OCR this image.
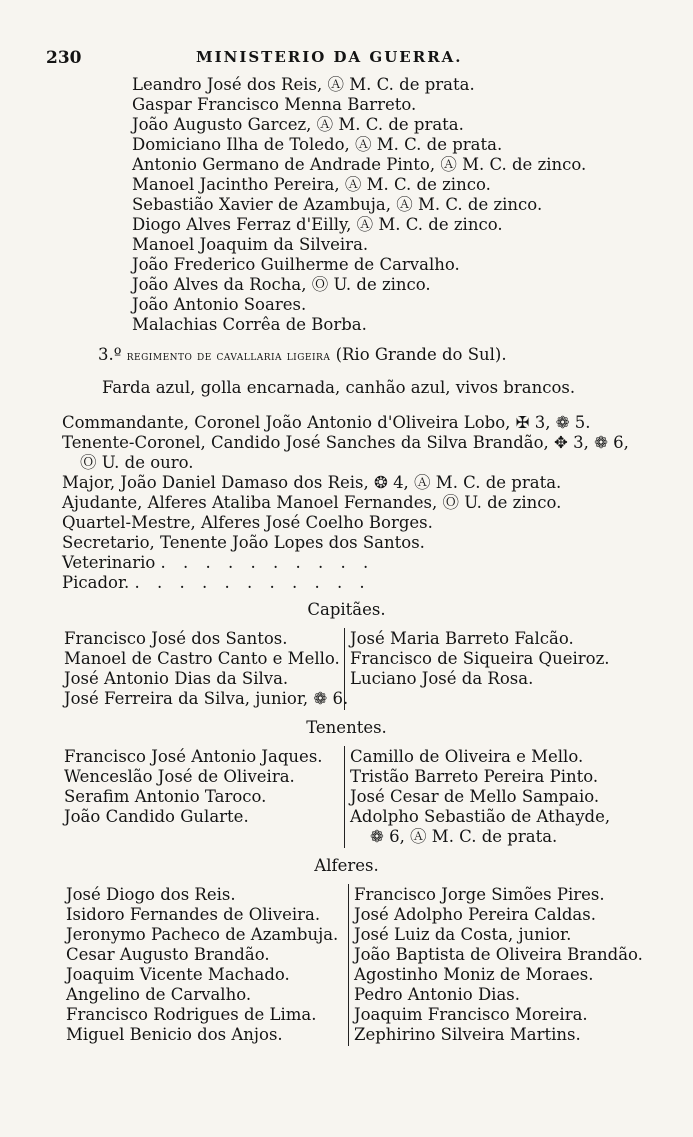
230	MINISTERIO DA GUERRA.
Leandro José dos Reis, Ⓐ M. C. de prata.
Gaspar Francisco Menna Barreto.
João Augusto Garcez, Ⓐ M. C. de prata.
Domiciano Ilha de Toledo, Ⓐ M. C. de prata.
Antonio Germano de Andrade Pinto, Ⓐ M. C. de zinco.
Manoel Jacintho Pereira, Ⓐ M. C. de zinco.
Sebastião Xavier de Azambuja, Ⓐ M. C. de zinco.
Diogo Alves Ferraz d'Eilly, Ⓐ M. C. de zinco.
Manoel Joaquim da Silveira.
João Frederico Guilherme de Carvalho.
João Alves da Rocha, Ⓞ U. de zinco.
João Antonio Soares.
Malachias Corrêa de Borba.
3.º regimento de cavallaria ligeira (Rio Grande do Sul).
Farda azul, golla encarnada, canhão azul, vivos brancos.
Commandante, Coronel João Antonio d'Oliveira Lobo, ✠ 3, ❁ 5.
Tenente-Coronel, Candido José Sanches da Silva Brandão, ✥ 3, ❁ 6,
Ⓞ U. de ouro.
Major, João Daniel Damaso dos Reis, ❂ 4, Ⓐ M. C. de prata.
Ajudante, Alferes Ataliba Manoel Fernandes, Ⓞ U. de zinco.
Quartel-Mestre, Alferes José Coelho Borges.
Secretario, Tenente João Lopes dos Santos.
Veterinario . . . . . . . . . .
Picador. . . . . . . . . . . .
Capitães.
Francisco José dos Santos.
Manoel de Castro Canto e Mello.
José Antonio Dias da Silva.
José Ferreira da Silva, junior, ❁ 6.
José Maria Barreto Falcão.
Francisco de Siqueira Queiroz.
Luciano José da Rosa.
Tenentes.
Francisco José Antonio Jaques.
Wenceslão José de Oliveira.
Serafim Antonio Taroco.
João Candido Gularte.
Camillo de Oliveira e Mello.
Tristão Barreto Pereira Pinto.
José Cesar de Mello Sampaio.
Adolpho Sebastião de Athayde,
❁ 6, Ⓐ M. C. de prata.
Alferes.
José Diogo dos Reis.
Isidoro Fernandes de Oliveira.
Jeronymo Pacheco de Azambuja.
Cesar Augusto Brandão.
Joaquim Vicente Machado.
Angelino de Carvalho.
Francisco Rodrigues de Lima.
Miguel Benicio dos Anjos.
Francisco Jorge Simões Pires.
José Adolpho Pereira Caldas.
José Luiz da Costa, junior.
João Baptista de Oliveira Brandão.
Agostinho Moniz de Moraes.
Pedro Antonio Dias.
Joaquim Francisco Moreira.
Zephirino Silveira Martins.
